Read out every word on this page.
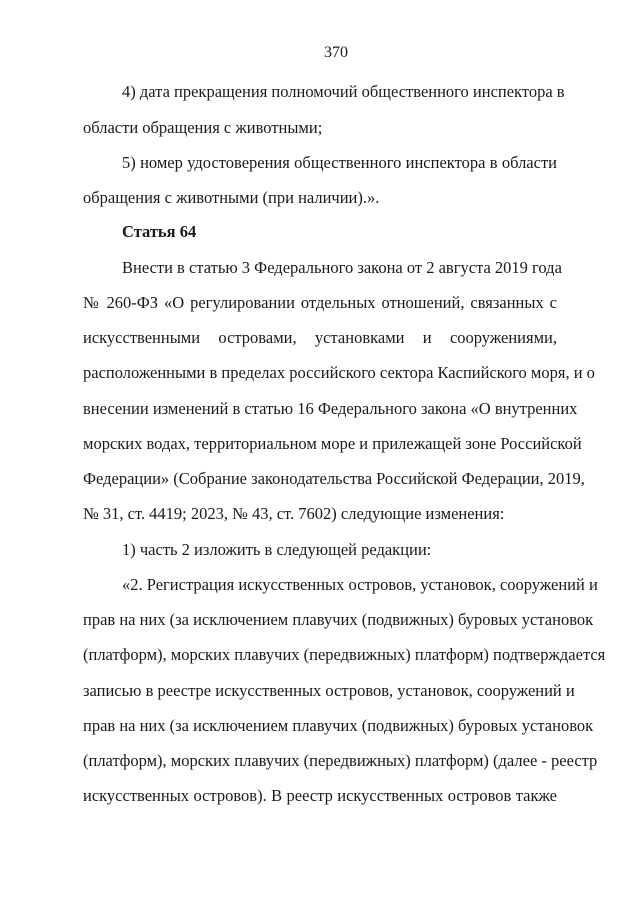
370
4) дата прекращения полномочий общественного инспектора в
области обращения с животными;
5) номер удостоверения общественного инспектора в области
обращения с животными (при наличии).».
Статья 64
Внести в статью 3 Федерального закона от 2 августа 2019 года
№ 260-ФЗ «О регулировании отдельных отношений, связанных с
искусственными островами, установками и сооружениями,
расположенными в пределах российского сектора Каспийского моря, и о
внесении изменений в статью 16 Федерального закона «О внутренних
морских водах, территориальном море и прилежащей зоне Российской
Федерации» (Собрание законодательства Российской Федерации, 2019,
№ 31, ст. 4419; 2023, № 43, ст. 7602) следующие изменения:
1) часть 2 изложить в следующей редакции:
«2. Регистрация искусственных островов, установок, сооружений и
прав на них (за исключением плавучих (подвижных) буровых установок
(платформ), морских плавучих (передвижных) платформ) подтверждается
записью в реестре искусственных островов, установок, сооружений и
прав на них (за исключением плавучих (подвижных) буровых установок
(платформ), морских плавучих (передвижных) платформ) (далее - реестр
искусственных островов). В реестр искусственных островов также
